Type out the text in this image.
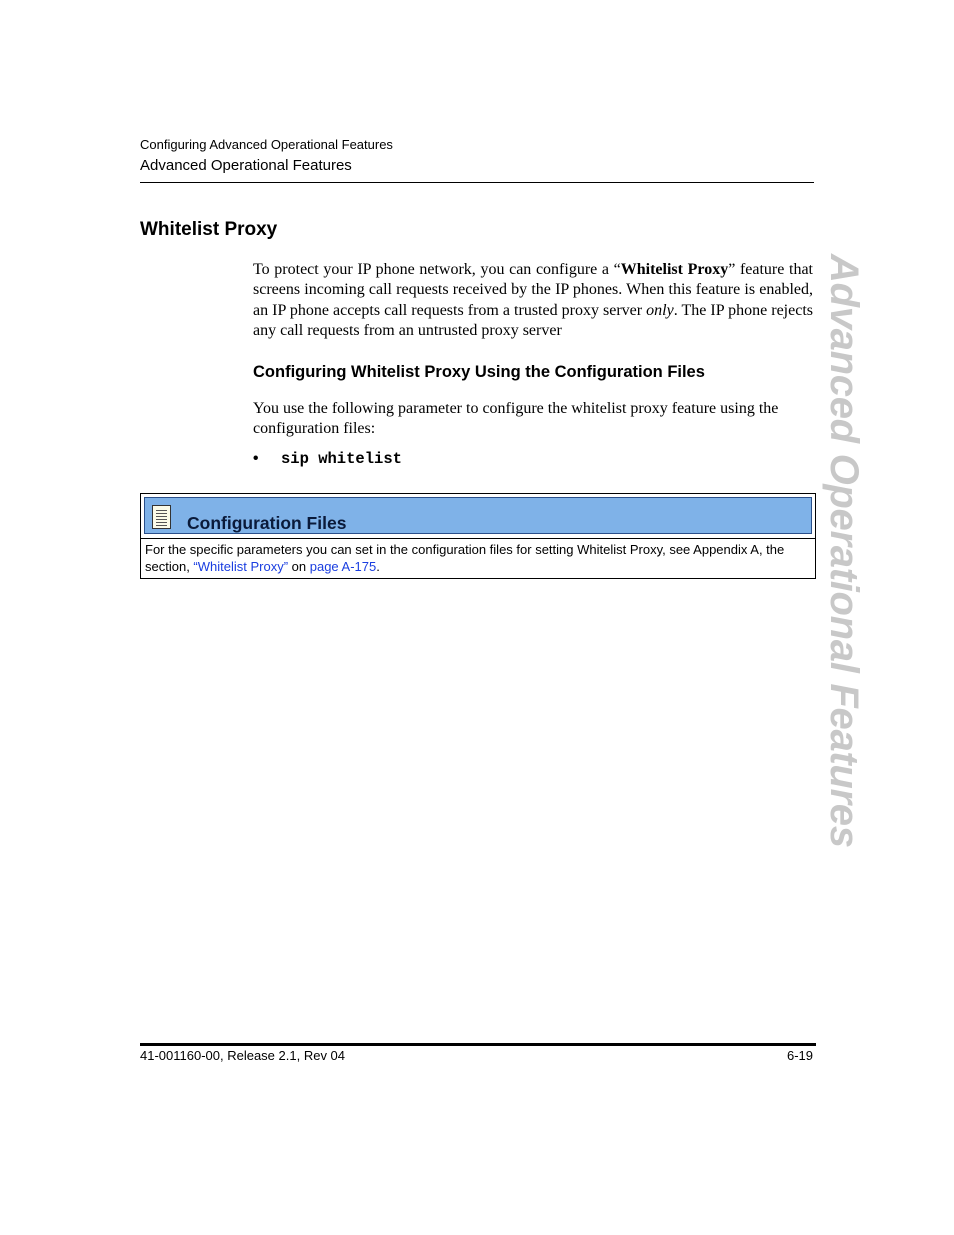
Configuring Advanced Operational Features
Advanced Operational Features
Whitelist Proxy

To protect your IP phone network, you can configure a “Whitelist Proxy” feature that screens incoming call requests received by the IP phones. When this feature is enabled, an IP phone accepts call requests from a trusted proxy server only. The IP phone rejects any call requests from an untrusted proxy server

Configuring Whitelist Proxy Using the Configuration Files

You use the following parameter to configure the whitelist proxy feature using the configuration files:

• sip whitelist
Configuration Files
For the specific parameters you can set in the configuration files for setting Whitelist Proxy, see Appendix A, the section, “Whitelist Proxy” on page A-175.	Advanced Operational Features
41-001160-00, Release 2.1, Rev 04	6-19
